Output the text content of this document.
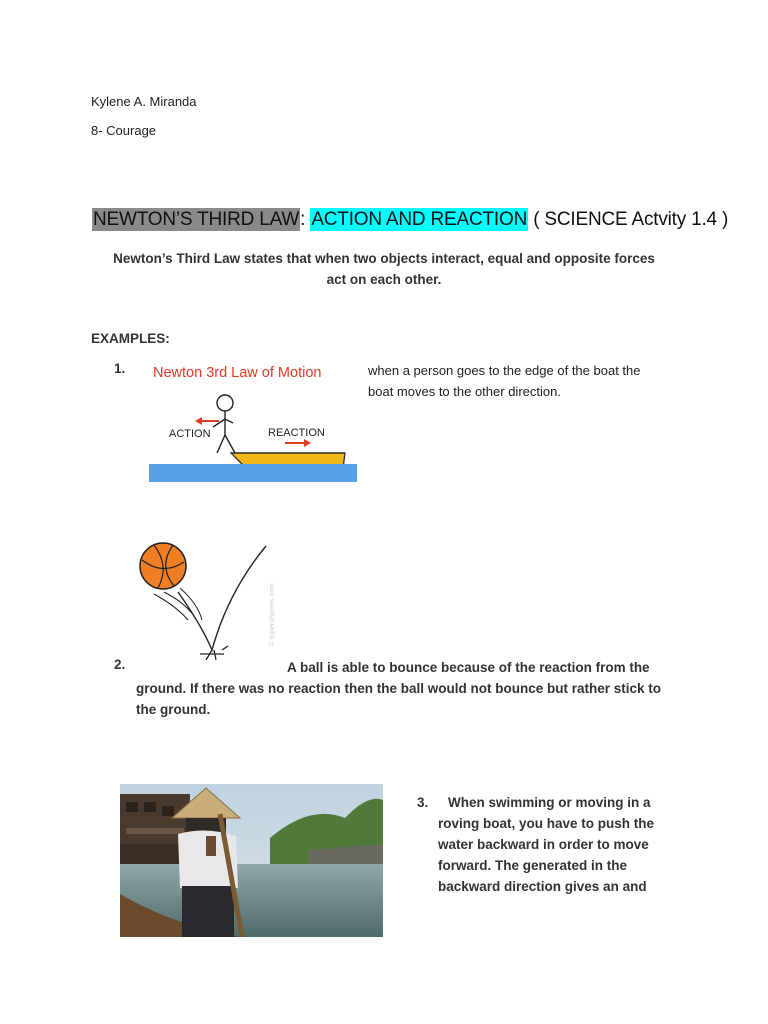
Kylene A. Miranda
8- Courage
NEWTON’S THIRD LAW: ACTION AND REACTION ( SCIENCE Actvity 1.4 )
Newton’s Third Law states that when two objects interact, equal and opposite forces act on each other.
EXAMPLES:
1. Newton 3rd Law of Motion
ACTION	REACTION
when a person goes to the edge of the boat the boat moves to the other direction.
© topendsports.com
2.	A ball is able to bounce because of the reaction from the ground. If there was no reaction then the ball would not bounce but rather stick to the ground.
3. When swimming or moving in a roving boat, you have to push the water backward in order to move forward. The generated in the backward direction gives an and
